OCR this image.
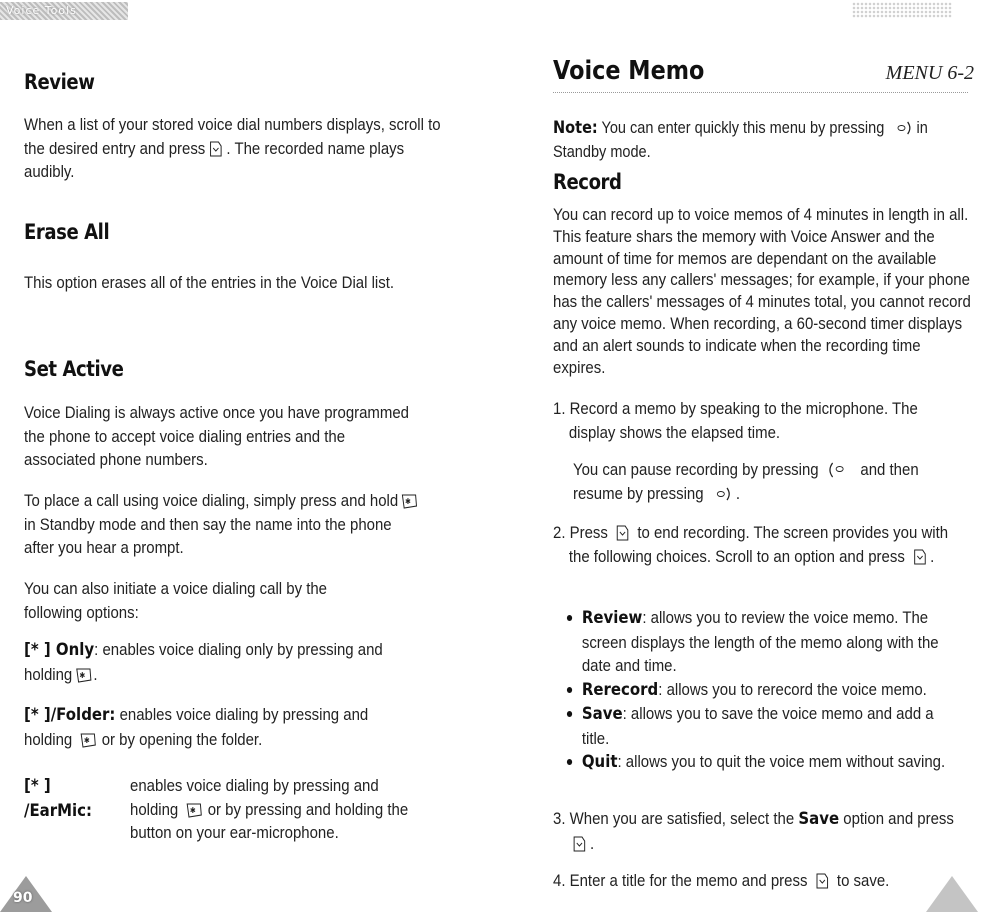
Voice Tools
Review

When a list of your stored voice dial numbers displays, scroll to the desired entry and press . The recorded name plays audibly.

Erase All

This option erases all of the entries in the Voice Dial list.

Set Active

Voice Dialing is always active once you have programmed the phone to accept voice dialing entries and the associated phone numbers.

To place a call using voice dialing, simply press and hold ✱
in Standby mode and then say the name into the phone after you hear a prompt.

You can also initiate a voice dialing call by the following options:

[* ] Only: enables voice dialing only by pressing and holding ✱ .

[* ]/Folder: enables voice dialing by pressing and holding ✱ or by opening the folder.

[* ] /EarMic:

enables voice dialing by pressing and holding ✱ or by pressing and holding the button on your ear-microphone.

90
Voice Memo	MENU 6-2

Note: You can enter quickly this menu by pressing in Standby mode.

Record

You can record up to voice memos of 4 minutes in length in all. This feature shars the memory with Voice Answer and the amount of time for memos are dependant on the available memory less any callers' messages; for example, if your phone has the callers' messages of 4 minutes total, you cannot record any voice memo. When recording, a 60-second timer displays and an alert sounds to indicate when the recording time expires.

1. Record a memo by speaking to the microphone. The display shows the elapsed time.

You can pause recording by pressing and then resume by pressing .

2. Press to end recording. The screen provides you with the following choices. Scroll to an option and press .

Review: allows you to review the voice memo. The screen displays the length of the memo along with the date and time.
Rerecord: allows you to rerecord the voice memo.
Save: allows you to save the voice memo and add a title.
Quit: allows you to quit the voice mem without saving.

3. When you are satisfied, select the Save option and press
.

4. Enter a title for the memo and press to save.
